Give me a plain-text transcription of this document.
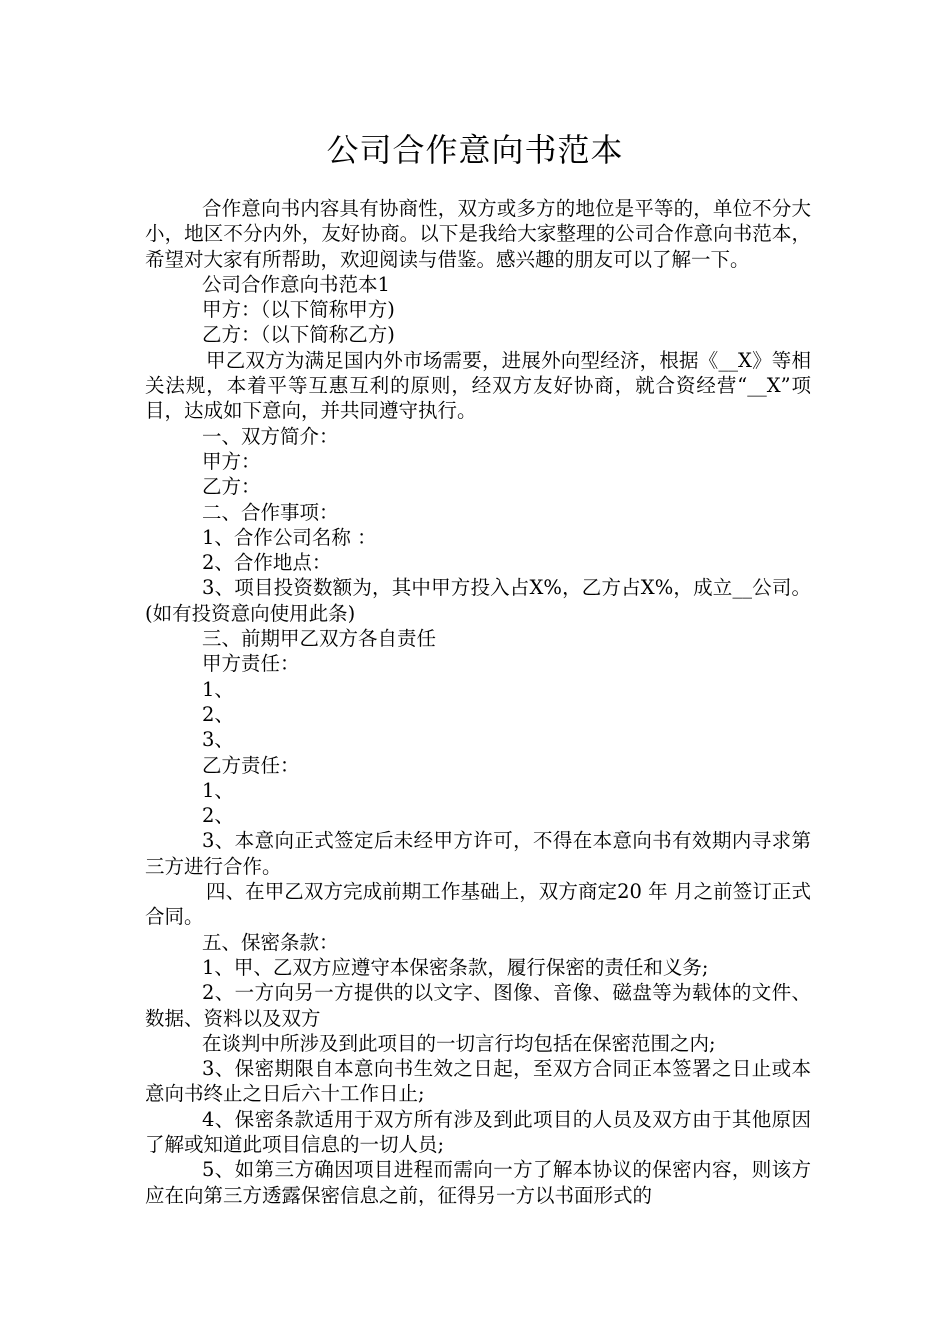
公司合作意向书范本

合作意向书内容具有协商性，双方或多方的地位是平等的，单位不分大小，地区不分内外，友好协商。以下是我给大家整理的公司合作意向书范本，希望对大家有所帮助，欢迎阅读与借鉴。感兴趣的朋友可以了解一下。

公司合作意向书范本1

甲方：（以下简称甲方)

乙方：（以下简称乙方)

甲乙双方为满足国内外市场需要，进展外向型经济，根据《__X》等相关法规，本着平等互惠互利的原则，经双方友好协商，就合资经营“__X”项目，达成如下意向，并共同遵守执行。

一、双方简介：

甲方：

乙方：

二、合作事项：

1、合作公司名称 ：

2、合作地点：

3、项目投资数额为，其中甲方投入占X%，乙方占X%，成立__公司。(如有投资意向使用此条)

三、前期甲乙双方各自责任

甲方责任：

1、

2、

3、

乙方责任：

1、

2、

3、本意向正式签定后未经甲方许可，不得在本意向书有效期内寻求第三方进行合作。

四、在甲乙双方完成前期工作基础上，双方商定20 年 月之前签订正式合同。

五、保密条款：

1、甲、乙双方应遵守本保密条款，履行保密的责任和义务;

2、一方向另一方提供的以文字、图像、音像、磁盘等为载体的文件、数据、资料以及双方

在谈判中所涉及到此项目的一切言行均包括在保密范围之内;

3、保密期限自本意向书生效之日起，至双方合同正本签署之日止或本意向书终止之日后六十工作日止;

4、保密条款适用于双方所有涉及到此项目的人员及双方由于其他原因了解或知道此项目信息的一切人员;

5、如第三方确因项目进程而需向一方了解本协议的保密内容，则该方应在向第三方透露保密信息之前，征得另一方以书面形式的
